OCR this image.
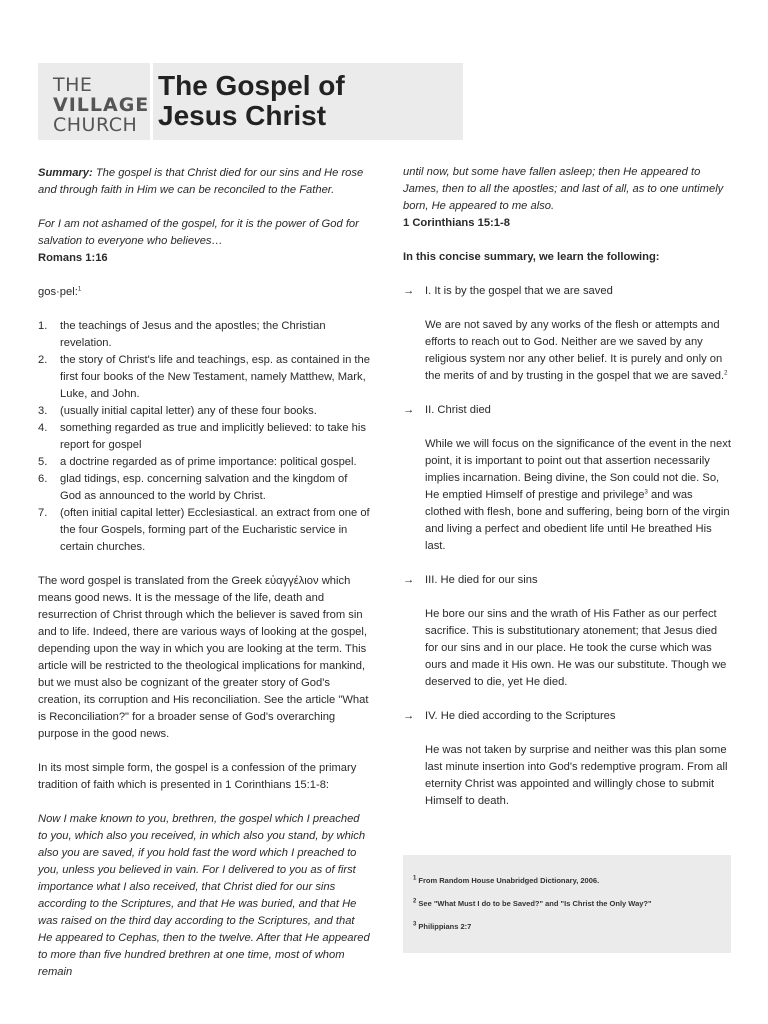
THE
VILLAGE
CHURCH
The Gospel of
Jesus Christ

Summary: The gospel is that Christ died for our sins and He rose and through faith in Him we can be reconciled to the Father.

For I am not ashamed of the gospel, for it is the power of God for salvation to everyone who believes…
Romans 1:16

gos·pel:$^1$

1.	the teachings of Jesus and the apostles; the Christian revelation.
2.	the story of Christ's life and teachings, esp. as contained in the first four books of the New Testament, namely Matthew, Mark, Luke, and John.
3.	(usually initial capital letter) any of these four books.
4.	something regarded as true and implicitly believed: to take his report for gospel
5.	a doctrine regarded as of prime importance: political gospel.
6.	glad tidings, esp. concerning salvation and the kingdom of God as announced to the world by Christ.
7.	(often initial capital letter) Ecclesiastical. an extract from one of the four Gospels, forming part of the Eucharistic service in certain churches.

The word gospel is translated from the Greek εὐαγγέλιον which means good news. It is the message of the life, death and resurrection of Christ through which the believer is saved from sin and to life. Indeed, there are various ways of looking at the gospel, depending upon the way in which you are looking at the term. This article will be restricted to the theological implications for mankind, but we must also be cognizant of the greater story of God's creation, its corruption and His reconciliation. See the article "What is Reconciliation?" for a broader sense of God's overarching purpose in the good news.

In its most simple form, the gospel is a confession of the primary tradition of faith which is presented in 1 Corinthians 15:1-8:

Now I make known to you, brethren, the gospel which I preached to you, which also you received, in which also you stand, by which also you are saved, if you hold fast the word which I preached to you, unless you believed in vain. For I delivered to you as of first importance what I also received, that Christ died for our sins according to the Scriptures, and that He was buried, and that He was raised on the third day according to the Scriptures, and that He appeared to Cephas, then to the twelve. After that He appeared to more than five hundred brethren at one time, most of whom remain

until now, but some have fallen asleep; then He appeared to James, then to all the apostles; and last of all, as to one untimely born, He appeared to me also.
1 Corinthians 15:1-8

In this concise summary, we learn the following:

→ I. It is by the gospel that we are saved
We are not saved by any works of the flesh or attempts and efforts to reach out to God. Neither are we saved by any religious system nor any other belief. It is purely and only on the merits of and by trusting in the gospel that we are saved.$^2$
→ II. Christ died
While we will focus on the significance of the event in the next point, it is important to point out that assertion necessarily implies incarnation. Being divine, the Son could not die. So, He emptied Himself of prestige and privilege$^3$ and was clothed with flesh, bone and suffering, being born of the virgin and living a perfect and obedient life until He breathed His last.
→ III. He died for our sins
He bore our sins and the wrath of His Father as our perfect sacrifice. This is substitutionary atonement; that Jesus died for our sins and in our place. He took the curse which was ours and made it His own. He was our substitute. Though we deserved to die, yet He died.
→ IV. He died according to the Scriptures
He was not taken by surprise and neither was this plan some last minute insertion into God's redemptive program. From all eternity Christ was appointed and willingly chose to submit Himself to death.
$^1$ From Random House Unabridged Dictionary, 2006.
$^2$ See "What Must I do to be Saved?" and "Is Christ the Only Way?"
$^3$ Philippians 2:7
